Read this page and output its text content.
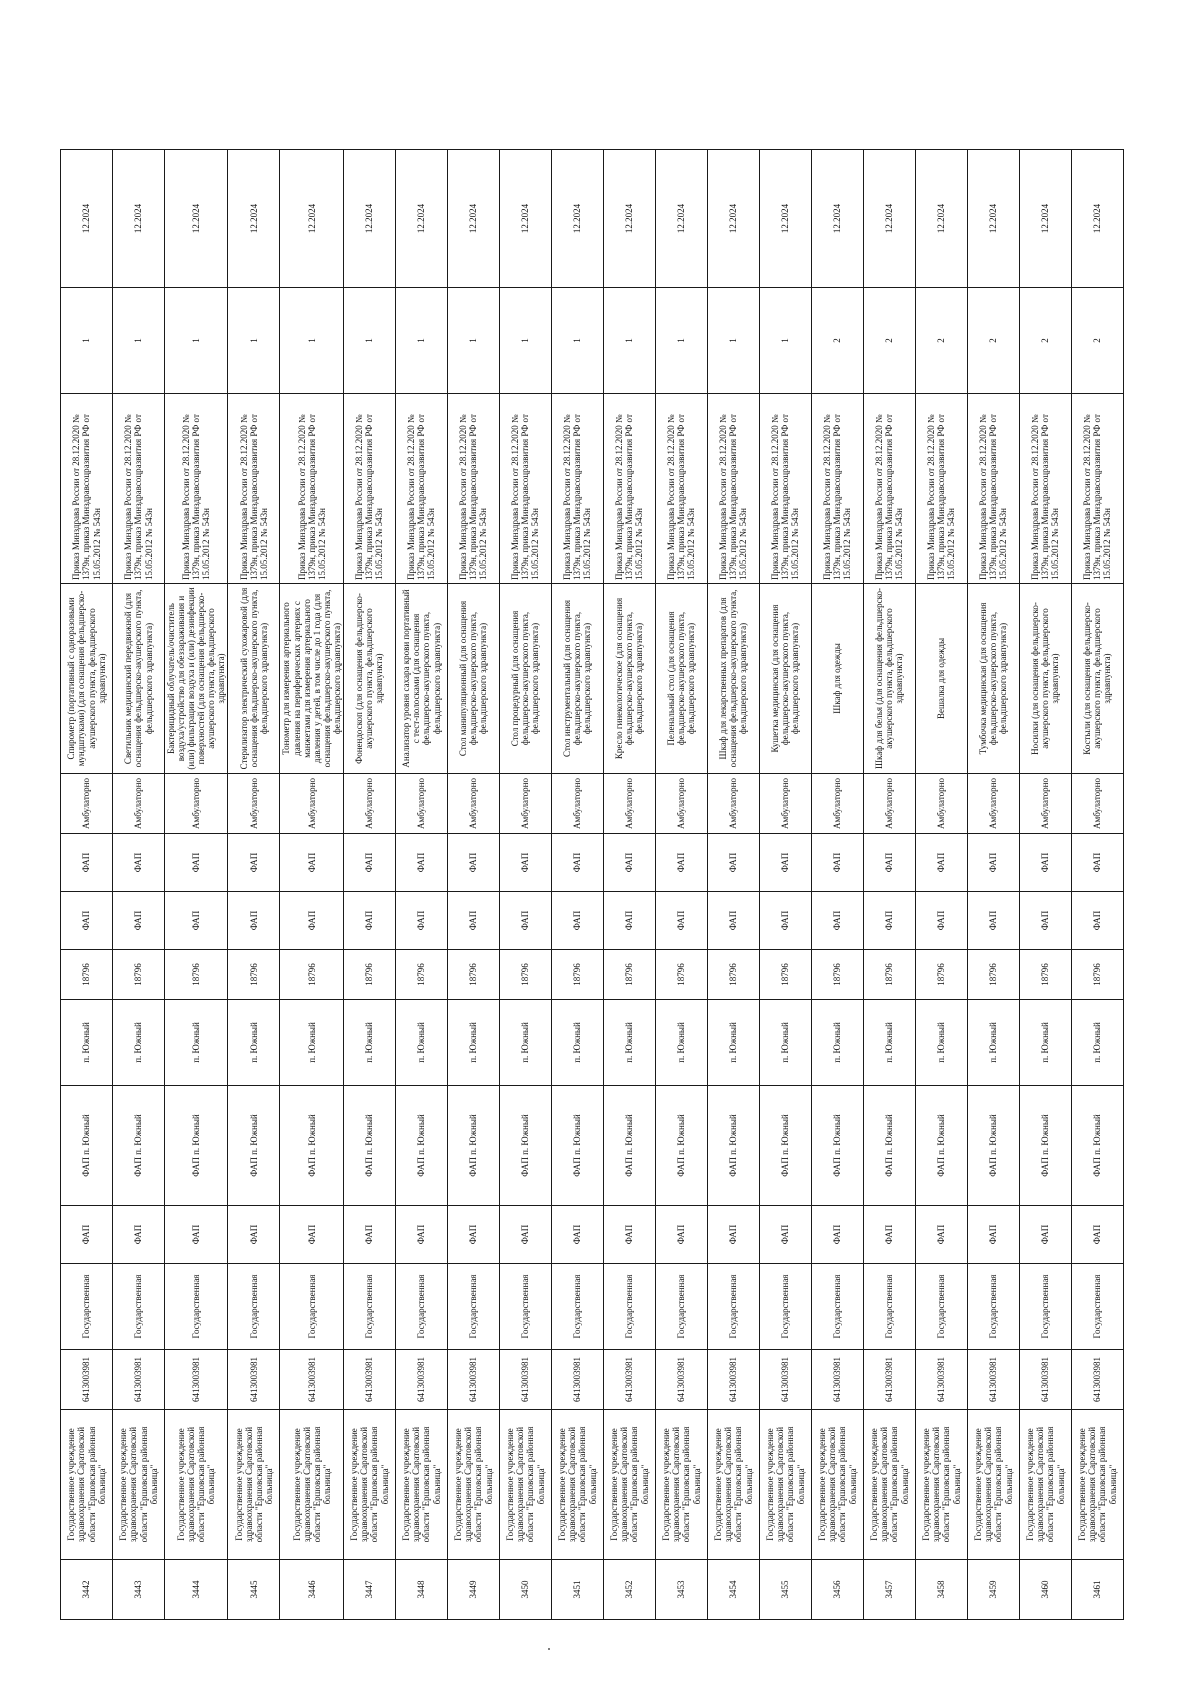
3442	Государственное учреждение здравоохранения Саратовской области "Ершовская районная больница"	6413003981	Государственная	ФАП	ФАП п. Южный	п. Южный	18796	ФАП	ФАП	Амбулаторно	Спирометр (портативный с одноразовыми мундштуками) (для оснащения фельдшерско-акушерского пункта, фельдшерского здравпункта)	Приказ Минздрава России от 28.12.2020 № 1379н, приказ Минздравсоцразвития РФ от 15.05.2012 № 543н	1	12.2024
3443	Государственное учреждение здравоохранения Саратовской области "Ершовская районная больница"	6413003981	Государственная	ФАП	ФАП п. Южный	п. Южный	18796	ФАП	ФАП	Амбулаторно	Светильник медицинский передвижной (для оснащения фельдшерско-акушерского пункта, фельдшерского здравпункта)	Приказ Минздрава России от 28.12.2020 № 1379н, приказ Минздравсоцразвития РФ от 15.05.2012 № 543н	1	12.2024
3444	Государственное учреждение здравоохранения Саратовской области "Ершовская районная больница"	6413003981	Государственная	ФАП	ФАП п. Южный	п. Южный	18796	ФАП	ФАП	Амбулаторно	Бактерицидный облучатель/очиститель воздуха/устройство для обеззараживания и (или) фильтрации воздуха и (или) дезинфекции поверхностей (для оснащения фельдшерско-акушерского пункта, фельдшерского здравпункта)	Приказ Минздрава России от 28.12.2020 № 1379н, приказ Минздравсоцразвития РФ от 15.05.2012 № 543н	1	12.2024
3445	Государственное учреждение здравоохранения Саратовской области "Ершовская районная больница"	6413003981	Государственная	ФАП	ФАП п. Южный	п. Южный	18796	ФАП	ФАП	Амбулаторно	Стерилизатор электрический сухожаровой (для оснащения фельдшерско-акушерского пункта, фельдшерского здравпункта)	Приказ Минздрава России от 28.12.2020 № 1379н, приказ Минздравсоцразвития РФ от 15.05.2012 № 543н	1	12.2024
3446	Государственное учреждение здравоохранения Саратовской области "Ершовская районная больница"	6413003981	Государственная	ФАП	ФАП п. Южный	п. Южный	18796	ФАП	ФАП	Амбулаторно	Тонометр для измерения артериального давления на периферических артериях с манжетами для измерения артериального давления у детей, в том числе до 1 года (для оснащения фельдшерско-акушерского пункта, фельдшерского здравпункта)	Приказ Минздрава России от 28.12.2020 № 1379н, приказ Минздравсоцразвития РФ от 15.05.2012 № 543н	1	12.2024
3447	Государственное учреждение здравоохранения Саратовской области "Ершовская районная больница"	6413003981	Государственная	ФАП	ФАП п. Южный	п. Южный	18796	ФАП	ФАП	Амбулаторно	Фонендоскоп (для оснащения фельдшерско-акушерского пункта, фельдшерского здравпункта)	Приказ Минздрава России от 28.12.2020 № 1379н, приказ Минздравсоцразвития РФ от 15.05.2012 № 543н	1	12.2024
3448	Государственное учреждение здравоохранения Саратовской области "Ершовская районная больница"	6413003981	Государственная	ФАП	ФАП п. Южный	п. Южный	18796	ФАП	ФАП	Амбулаторно	Анализатор уровня сахара крови портативный с тест-полосками (для оснащения фельдшерско-акушерского пункта, фельдшерского здравпункта)	Приказ Минздрава России от 28.12.2020 № 1379н, приказ Минздравсоцразвития РФ от 15.05.2012 № 543н	1	12.2024
3449	Государственное учреждение здравоохранения Саратовской области "Ершовская районная больница"	6413003981	Государственная	ФАП	ФАП п. Южный	п. Южный	18796	ФАП	ФАП	Амбулаторно	Стол манипуляционный (для оснащения фельдшерско-акушерского пункта, фельдшерского здравпункта)	Приказ Минздрава России от 28.12.2020 № 1379н, приказ Минздравсоцразвития РФ от 15.05.2012 № 543н	1	12.2024
3450	Государственное учреждение здравоохранения Саратовской области "Ершовская районная больница"	6413003981	Государственная	ФАП	ФАП п. Южный	п. Южный	18796	ФАП	ФАП	Амбулаторно	Стол процедурный (для оснащения фельдшерско-акушерского пункта, фельдшерского здравпункта)	Приказ Минздрава России от 28.12.2020 № 1379н, приказ Минздравсоцразвития РФ от 15.05.2012 № 543н	1	12.2024
3451	Государственное учреждение здравоохранения Саратовской области "Ершовская районная больница"	6413003981	Государственная	ФАП	ФАП п. Южный	п. Южный	18796	ФАП	ФАП	Амбулаторно	Стол инструментальный (для оснащения фельдшерско-акушерского пункта, фельдшерского здравпункта)	Приказ Минздрава России от 28.12.2020 № 1379н, приказ Минздравсоцразвития РФ от 15.05.2012 № 543н	1	12.2024
3452	Государственное учреждение здравоохранения Саратовской области "Ершовская районная больница"	6413003981	Государственная	ФАП	ФАП п. Южный	п. Южный	18796	ФАП	ФАП	Амбулаторно	Кресло гинекологическое (для оснащения фельдшерско-акушерского пункта, фельдшерского здравпункта)	Приказ Минздрава России от 28.12.2020 № 1379н, приказ Минздравсоцразвития РФ от 15.05.2012 № 543н	1	12.2024
3453	Государственное учреждение здравоохранения Саратовской области "Ершовская районная больница"	6413003981	Государственная	ФАП	ФАП п. Южный	п. Южный	18796	ФАП	ФАП	Амбулаторно	Пеленальный стол (для оснащения фельдшерско-акушерского пункта, фельдшерского здравпункта)	Приказ Минздрава России от 28.12.2020 № 1379н, приказ Минздравсоцразвития РФ от 15.05.2012 № 543н	1	12.2024
3454	Государственное учреждение здравоохранения Саратовской области "Ершовская районная больница"	6413003981	Государственная	ФАП	ФАП п. Южный	п. Южный	18796	ФАП	ФАП	Амбулаторно	Шкаф для лекарственных препаратов (для оснащения фельдшерско-акушерского пункта, фельдшерского здравпункта)	Приказ Минздрава России от 28.12.2020 № 1379н, приказ Минздравсоцразвития РФ от 15.05.2012 № 543н	1	12.2024
3455	Государственное учреждение здравоохранения Саратовской области "Ершовская районная больница"	6413003981	Государственная	ФАП	ФАП п. Южный	п. Южный	18796	ФАП	ФАП	Амбулаторно	Кушетка медицинская (для оснащения фельдшерско-акушерского пункта, фельдшерского здравпункта)	Приказ Минздрава России от 28.12.2020 № 1379н, приказ Минздравсоцразвития РФ от 15.05.2012 № 543н	1	12.2024
3456	Государственное учреждение здравоохранения Саратовской области "Ершовская районная больница"	6413003981	Государственная	ФАП	ФАП п. Южный	п. Южный	18796	ФАП	ФАП	Амбулаторно	Шкаф для одежды	Приказ Минздрава России от 28.12.2020 № 1379н, приказ Минздравсоцразвития РФ от 15.05.2012 № 543н	2	12.2024
3457	Государственное учреждение здравоохранения Саратовской области "Ершовская районная больница"	6413003981	Государственная	ФАП	ФАП п. Южный	п. Южный	18796	ФАП	ФАП	Амбулаторно	Шкаф для белья (для оснащения фельдшерско-акушерского пункта, фельдшерского здравпункта)	Приказ Минздрава России от 28.12.2020 № 1379н, приказ Минздравсоцразвития РФ от 15.05.2012 № 543н	2	12.2024
3458	Государственное учреждение здравоохранения Саратовской области "Ершовская районная больница"	6413003981	Государственная	ФАП	ФАП п. Южный	п. Южный	18796	ФАП	ФАП	Амбулаторно	Вешалка для одежды	Приказ Минздрава России от 28.12.2020 № 1379н, приказ Минздравсоцразвития РФ от 15.05.2012 № 543н	2	12.2024
3459	Государственное учреждение здравоохранения Саратовской области "Ершовская районная больница"	6413003981	Государственная	ФАП	ФАП п. Южный	п. Южный	18796	ФАП	ФАП	Амбулаторно	Тумбочка медицинская (для оснащения фельдшерско-акушерского пункта, фельдшерского здравпункта)	Приказ Минздрава России от 28.12.2020 № 1379н, приказ Минздравсоцразвития РФ от 15.05.2012 № 543н	2	12.2024
3460	Государственное учреждение здравоохранения Саратовской области "Ершовская районная больница"	6413003981	Государственная	ФАП	ФАП п. Южный	п. Южный	18796	ФАП	ФАП	Амбулаторно	Носилки (для оснащения фельдшерско-акушерского пункта, фельдшерского здравпункта)	Приказ Минздрава России от 28.12.2020 № 1379н, приказ Минздравсоцразвития РФ от 15.05.2012 № 543н	2	12.2024
3461	Государственное учреждение здравоохранения Саратовской области "Ершовская районная больница"	6413003981	Государственная	ФАП	ФАП п. Южный	п. Южный	18796	ФАП	ФАП	Амбулаторно	Костыли (для оснащения фельдшерско-акушерского пункта, фельдшерского здравпункта)	Приказ Минздрава России от 28.12.2020 № 1379н, приказ Минздравсоцразвития РФ от 15.05.2012 № 543н	2	12.2024
